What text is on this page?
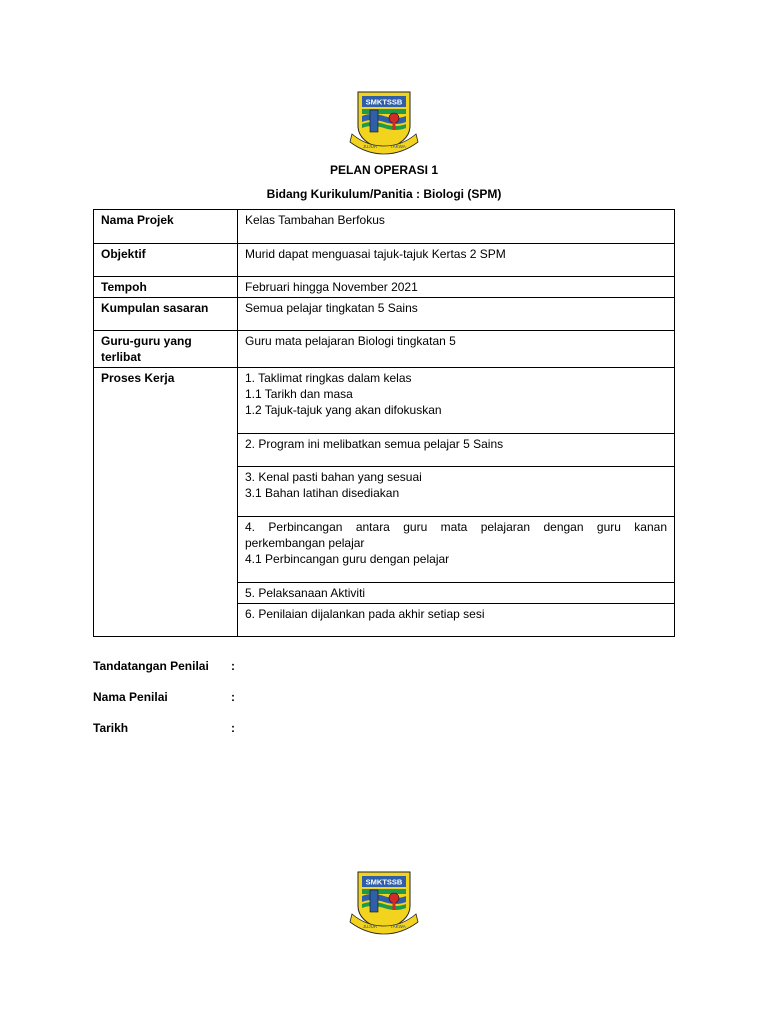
SMKTSSB
JUJUR	TAKWA
PELAN OPERASI 1
Bidang Kurikulum/Panitia : Biologi (SPM)
Nama Projek	Kelas Tambahan Berfokus
Objektif	Murid dapat menguasai tajuk-tajuk Kertas 2 SPM
Tempoh	Februari hingga November 2021
Kumpulan sasaran	Semua pelajar tingkatan 5 Sains
Guru-guru yang terlibat	Guru mata pelajaran Biologi tingkatan 5
Proses Kerja	1. Taklimat ringkas dalam kelas
1.1 Tarikh dan masa
1.2 Tajuk-tajuk yang akan difokuskan

	2. Program ini melibatkan semua pelajar 5 Sains

	3. Kenal pasti bahan yang sesuai
3.1 Bahan latihan disediakan

	4. Perbincangan antara guru mata pelajaran dengan guru kanan perkembangan pelajar
4.1 Perbincangan guru dengan pelajar

	5. Pelaksanaan Aktiviti

	6. Penilaian dijalankan pada akhir setiap sesi
Tandatangan Penilai :
Nama Penilai	:
Tarikh	:
SMKTSSB
JUJUR	TAKWA
